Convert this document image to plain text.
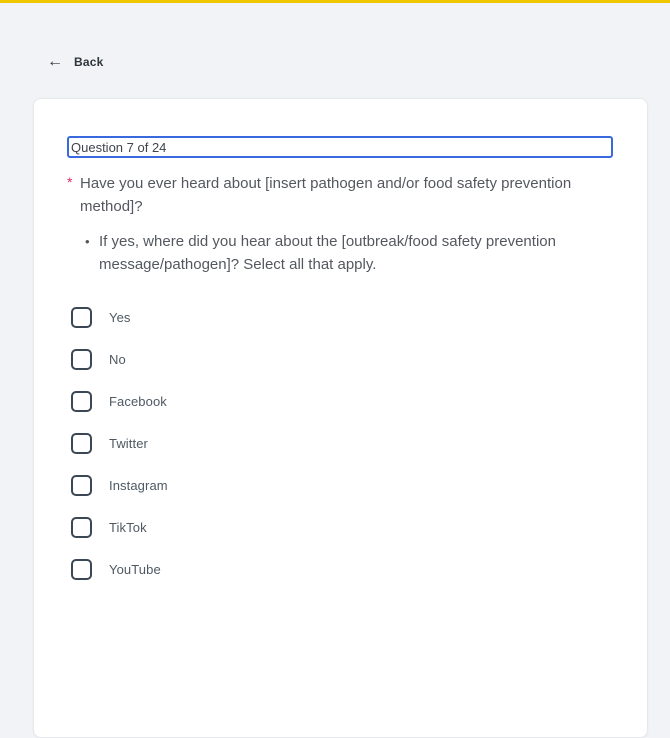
← Back
Question 7 of 24
* Have you ever heard about [insert pathogen and/or food safety prevention method]?
• If yes, where did you hear about the [outbreak/food safety prevention message/pathogen]? Select all that apply.
Yes
No
Facebook
Twitter
Instagram
TikTok
YouTube
